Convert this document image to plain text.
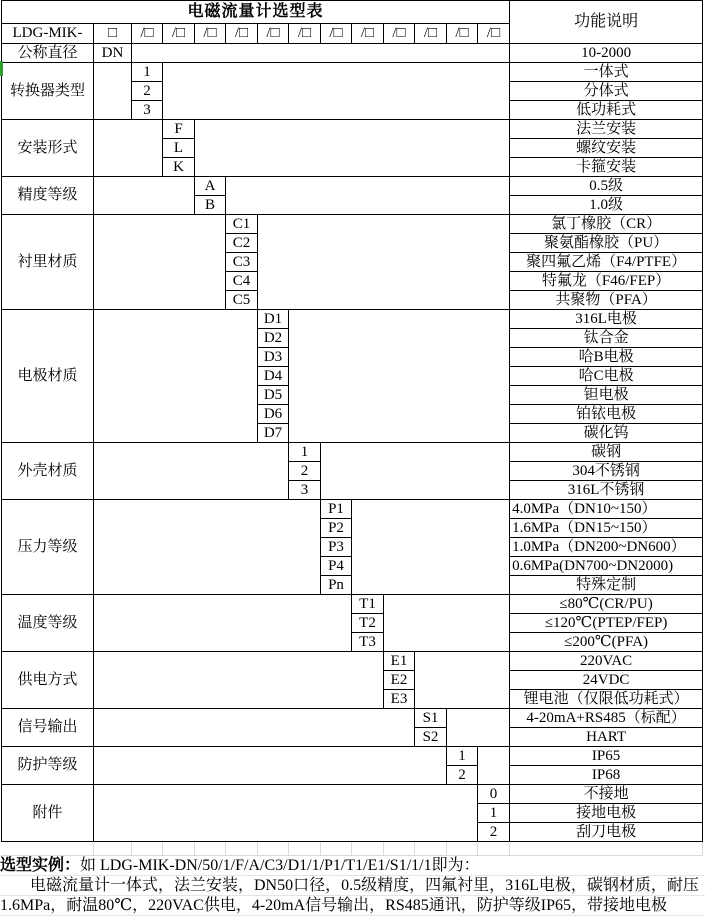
电磁流量计选型表														功能说明
LDG-MIK-	□	/□	/□	/□	/□	/□	/□	/□	/□	/□	/□	/□	/□	
公称直径	DN													10-2000
转换器类型		1												一体式
		2												分体式
		3												低功耗式
安装形式			F											法兰安装
			L											螺纹安装
			K											卡箍安装
精度等级				A										0.5级
				B										1.0级
衬里材质					C1									氯丁橡胶（CR）
					C2									聚氨酯橡胶（PU）
					C3									聚四氟乙烯（F4/PTFE）
					C4									特氟龙（F46/FEP）
					C5									共聚物（PFA）
电极材质						D1								316L电极
						D2								钛合金
						D3								哈B电极
						D4								哈C电极
						D5								钽电极
						D6								铂铱电极
						D7								碳化钨
外壳材质							1							碳钢
							2							304不锈钢
							3							316L不锈钢
压力等级								P1						4.0MPa（DN10~150）
								P2						1.6MPa（DN15~150）
								P3						1.0MPa（DN200~DN600）
								P4						0.6MPa(DN700~DN2000)
								Pn						特殊定制
温度等级									T1					≤80℃(CR/PU)
									T2					≤120℃(PTEP/FEP)
									T3					≤200℃(PFA)
供电方式										E1				220VAC
										E2				24VDC
										E3				锂电池（仅限低功耗式）
信号输出											S1			4-20mA+RS485（标配）
											S2			HART
防护等级												1		IP65
												2		IP68
附件													0	不接地
													1	接地电极
													2	刮刀电极

选型实例：如 LDG-MIK-DN/50/1/F/A/C3/D1/1/P1/T1/E1/S1/1/1即为：
电磁流量计一体式，法兰安装，DN50口径，0.5级精度，四氟衬里，316L电极，碳钢材质，耐压
1.6MPa，耐温80℃，220VAC供电，4-20mA信号输出，RS485通讯，防护等级IP65，带接地电极
